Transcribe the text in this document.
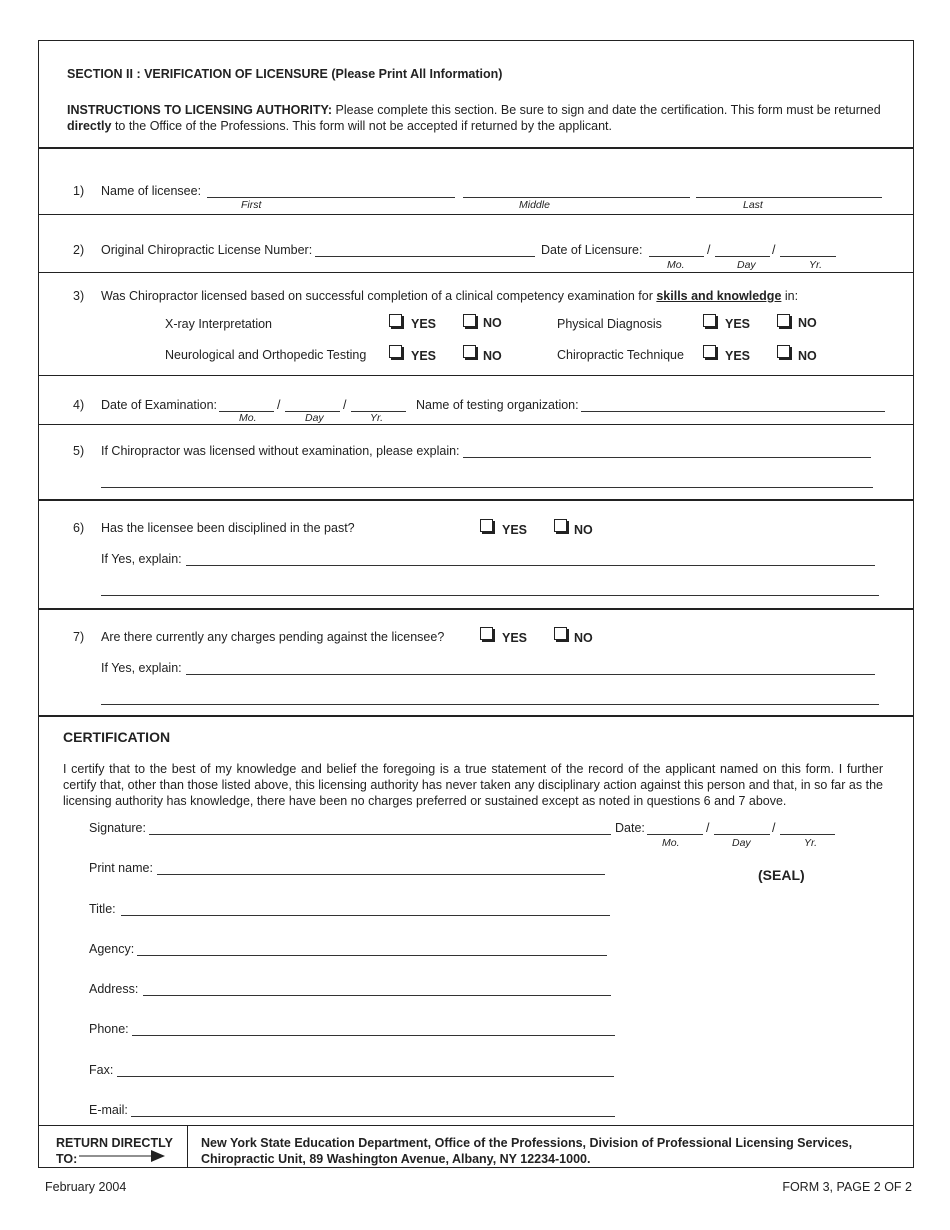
SECTION II : VERIFICATION OF LICENSURE (Please Print All Information)
INSTRUCTIONS TO LICENSING AUTHORITY: Please complete this section. Be sure to sign and date the certification. This form must be returned directly to the Office of the Professions. This form will not be accepted if returned by the applicant.
1) Name of licensee:
First	Middle	Last
2) Original Chiropractic License Number:	Date of Licensure:	/	/
Mo.	Day	Yr.
3) Was Chiropractor licensed based on successful completion of a clinical competency examination for skills and knowledge in:
X-ray Interpretation	YES	NO	Physical Diagnosis	YES	NO
Neurological and Orthopedic Testing	YES	NO	Chiropractic Technique	YES	NO
4) Date of Examination:	/	/
Mo.	Day	Yr.
Name of testing organization:
5) If Chiropractor was licensed without examination, please explain:
6) Has the licensee been disciplined in the past?	YES	NO
If Yes, explain:
7) Are there currently any charges pending against the licensee?	YES	NO
If Yes, explain:
CERTIFICATION
I certify that to the best of my knowledge and belief the foregoing is a true statement of the record of the applicant named on this form. I further certify that, other than those listed above, this licensing authority has never taken any disciplinary action against this person and that, in so far as the licensing authority has knowledge, there have been no charges preferred or sustained except as noted in questions 6 and 7 above.
Signature:	Date:	/	/
Mo.	Day	Yr.
Print name:	(SEAL)
Title:
Agency:
Address:
Phone:
Fax:
E-mail:
RETURN DIRECTLY
TO:
New York State Education Department, Office of the Professions, Division of Professional Licensing Services,
Chiropractic Unit, 89 Washington Avenue, Albany, NY 12234-1000.
February 2004	FORM 3, PAGE 2 OF 2
